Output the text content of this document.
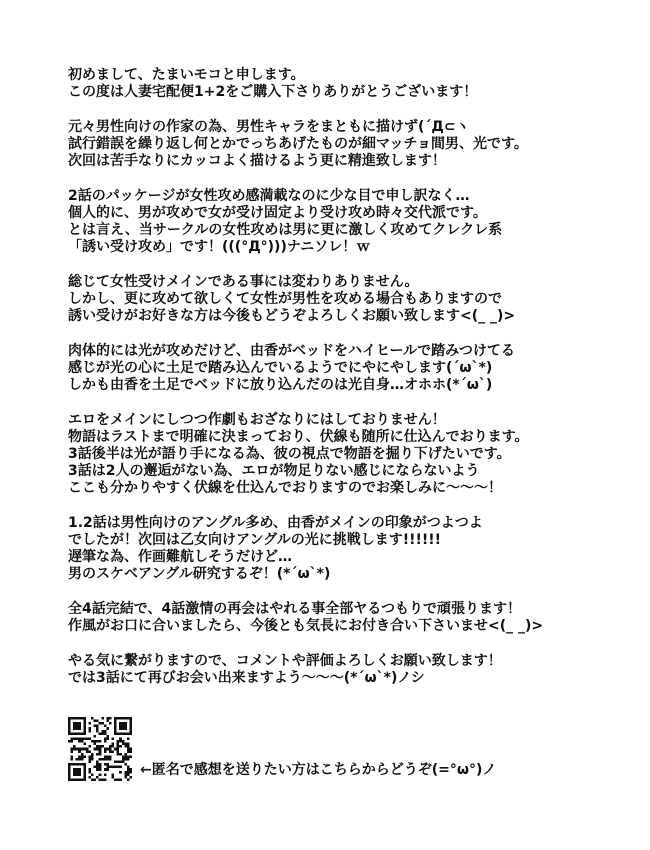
初めまして、たまいモコと申します。
この度は人妻宅配便1+2をご購入下さりありがとうございます！
元々男性向けの作家の為、男性キャラをまともに描けず(´Д⊂ヽ
試行錯誤を繰り返し何とかでっちあげたものが細マッチョ間男、光です。
次回は苦手なりにカッコよく描けるよう更に精進致します！
2話のパッケージが女性攻め感満載なのに少な目で申し訳なく…
個人的に、男が攻めで女が受け固定より受け攻め時々交代派です。
とは言え、当サークルの女性攻めは男に更に激しく攻めてクレクレ系
「誘い受け攻め」です！(((°Д°)))ナニソレ！ｗ
総じて女性受けメインである事には変わりありません。
しかし、更に攻めて欲しくて女性が男性を攻める場合もありますので
誘い受けがお好きな方は今後もどうぞよろしくお願い致します<(_ _)>
肉体的には光が攻めだけど、由香がベッドをハイヒールで踏みつけてる
感じが光の心に土足で踏み込んでいるようでにやにやします(´ω`*)
しかも由香を土足でベッドに放り込んだのは光自身…オホホ(*´ω`)
エロをメインにしつつ作劇もおざなりにはしておりません！
物語はラストまで明確に決まっており、伏線も随所に仕込んでおります。
3話後半は光が語り手になる為、彼の視点で物語を掘り下げたいです。
3話は2人の邂逅がない為、エロが物足りない感じにならないよう
ここも分かりやすく伏線を仕込んでおりますのでお楽しみに〜〜〜！
1.2話は男性向けのアングル多め、由香がメインの印象がつよつよ
でしたが！次回は乙女向けアングルの光に挑戦します!!!!!!
遅筆な為、作画難航しそうだけど…
男のスケベアングル研究するぞ！(*´ω`*)
全4話完結で、4話激情の再会はやれる事全部ヤるつもりで頑張ります！
作風がお口に合いましたら、今後とも気長にお付き合い下さいませ<(_ _)>
やる気に繋がりますので、コメントや評価よろしくお願い致します！
では3話にて再びお会い出来ますよう〜〜〜(*´ω`*)ノシ
←匿名で感想を送りたい方はこちらからどうぞ(=°ω°)ノ
